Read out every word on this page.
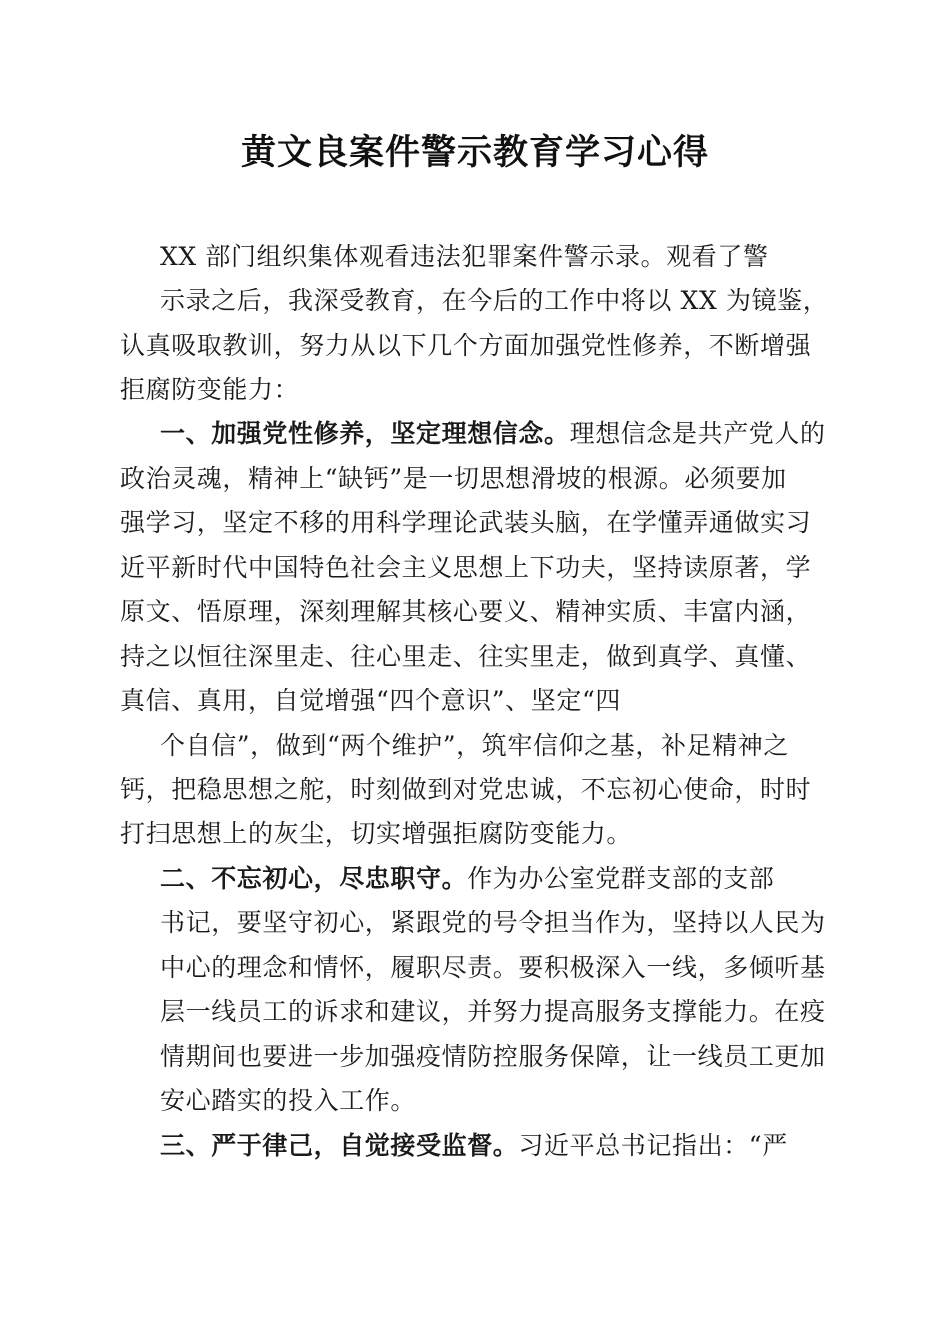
黄文良案件警示教育学习心得
XX 部门组织集体观看违法犯罪案件警示录。观看了警
示录之后，我深受教育，在今后的工作中将以 XX 为镜鉴，
认真吸取教训，努力从以下几个方面加强党性修养，不断增强
拒腐防变能力：
一、加强党性修养，坚定理想信念。理想信念是共产党人的
政治灵魂，精神上“缺钙”是一切思想滑坡的根源。必须要加
强学习，坚定不移的用科学理论武装头脑，在学懂弄通做实习
近平新时代中国特色社会主义思想上下功夫，坚持读原著，学
原文、悟原理，深刻理解其核心要义、精神实质、丰富内涵，
持之以恒往深里走、往心里走、往实里走，做到真学、真懂、
真信、真用，自觉增强“四个意识”、坚定“四
个自信”，做到“两个维护”，筑牢信仰之基，补足精神之
钙，把稳思想之舵，时刻做到对党忠诚，不忘初心使命，时时
打扫思想上的灰尘，切实增强拒腐防变能力。
二、不忘初心，尽忠职守。作为办公室党群支部的支部
书记，要坚守初心，紧跟党的号令担当作为，坚持以人民为
中心的理念和情怀，履职尽责。要积极深入一线，多倾听基
层一线员工的诉求和建议，并努力提高服务支撑能力。在疫
情期间也要进一步加强疫情防控服务保障，让一线员工更加
安心踏实的投入工作。
三、严于律己，自觉接受监督。习近平总书记指出：“严
